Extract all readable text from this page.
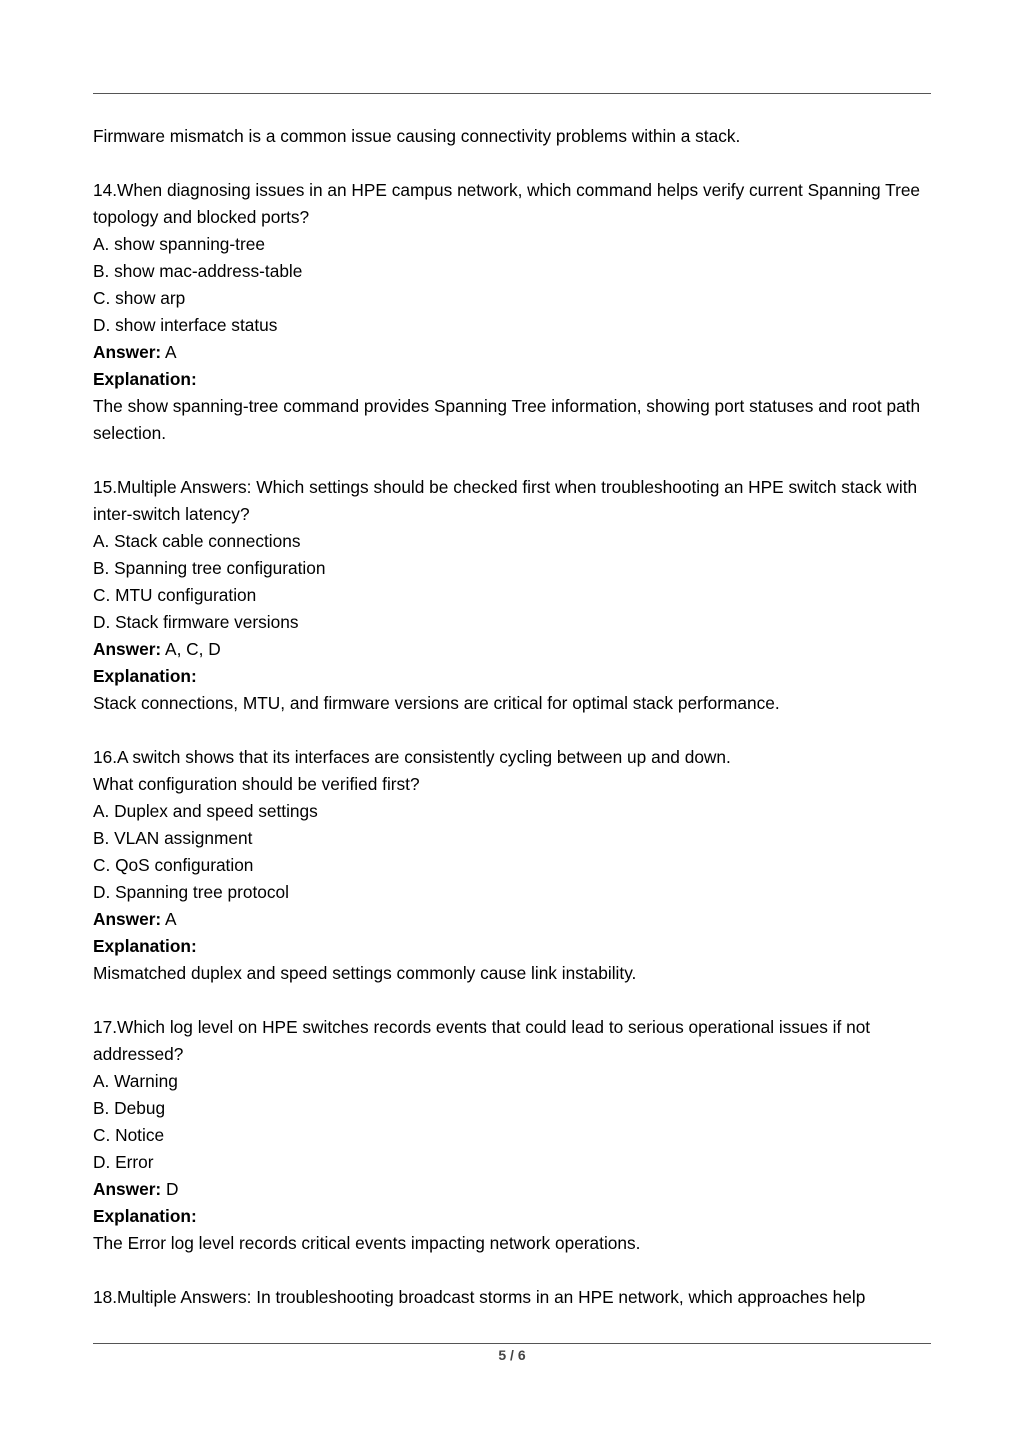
Firmware mismatch is a common issue causing connectivity problems within a stack.
14.When diagnosing issues in an HPE campus network, which command helps verify current Spanning Tree topology and blocked ports?
A. show spanning-tree
B. show mac-address-table
C. show arp
D. show interface status
Answer: A
Explanation:
The show spanning-tree command provides Spanning Tree information, showing port statuses and root path selection.
15.Multiple Answers: Which settings should be checked first when troubleshooting an HPE switch stack with inter-switch latency?
A. Stack cable connections
B. Spanning tree configuration
C. MTU configuration
D. Stack firmware versions
Answer: A, C, D
Explanation:
Stack connections, MTU, and firmware versions are critical for optimal stack performance.
16.A switch shows that its interfaces are consistently cycling between up and down.
What configuration should be verified first?
A. Duplex and speed settings
B. VLAN assignment
C. QoS configuration
D. Spanning tree protocol
Answer: A
Explanation:
Mismatched duplex and speed settings commonly cause link instability.
17.Which log level on HPE switches records events that could lead to serious operational issues if not addressed?
A. Warning
B. Debug
C. Notice
D. Error
Answer: D
Explanation:
The Error log level records critical events impacting network operations.
18.Multiple Answers: In troubleshooting broadcast storms in an HPE network, which approaches help
5 / 6
